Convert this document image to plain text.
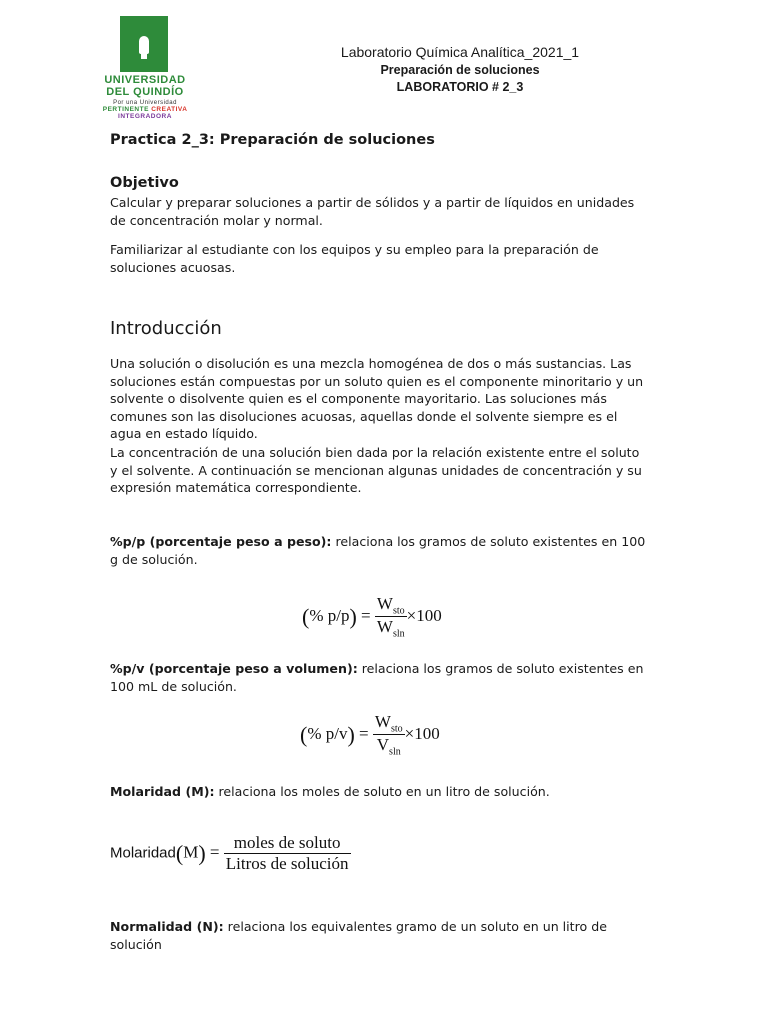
UNIVERSIDAD
DEL QUINDÍO
Por una Universidad
PERTINENTE CREATIVA INTEGRADORA
Laboratorio Química Analítica_2021_1
Preparación de soluciones
LABORATORIO # 2_3
Practica 2_3: Preparación de soluciones
Objetivo
Calcular y preparar soluciones a partir de sólidos y a partir de líquidos en unidades de concentración molar y normal.
Familiarizar al estudiante con los equipos y su empleo para la preparación de soluciones acuosas.
Introducción
Una solución o disolución es una mezcla homogénea de dos o más sustancias. Las soluciones están compuestas por un soluto quien es el componente minoritario y un solvente o disolvente quien es el componente mayoritario. Las soluciones más comunes son las disoluciones acuosas, aquellas donde el solvente siempre es el agua en estado líquido.
La concentración de una solución bien dada por la relación existente entre el soluto y el solvente. A continuación se mencionan algunas unidades de concentración y su expresión matemática correspondiente.
%p/p (porcentaje peso a peso): relaciona los gramos de soluto existentes en 100 g de solución.
(% $p/p) = \frac{W_{sto}}{W_{sln}} \times 100$
%p/v (porcentaje peso a volumen): relaciona los gramos de soluto existentes en 100 mL de solución.
(% $p/v) = \frac{W_{sto}}{V_{sln}} \times 100$
Molaridad (M): relaciona los moles de soluto en un litro de solución.
Molaridad(M) = $\frac{\text{moles de soluto}}{\text{Litros de solución}}$
Normalidad (N): relaciona los equivalentes gramo de un soluto en un litro de solución
